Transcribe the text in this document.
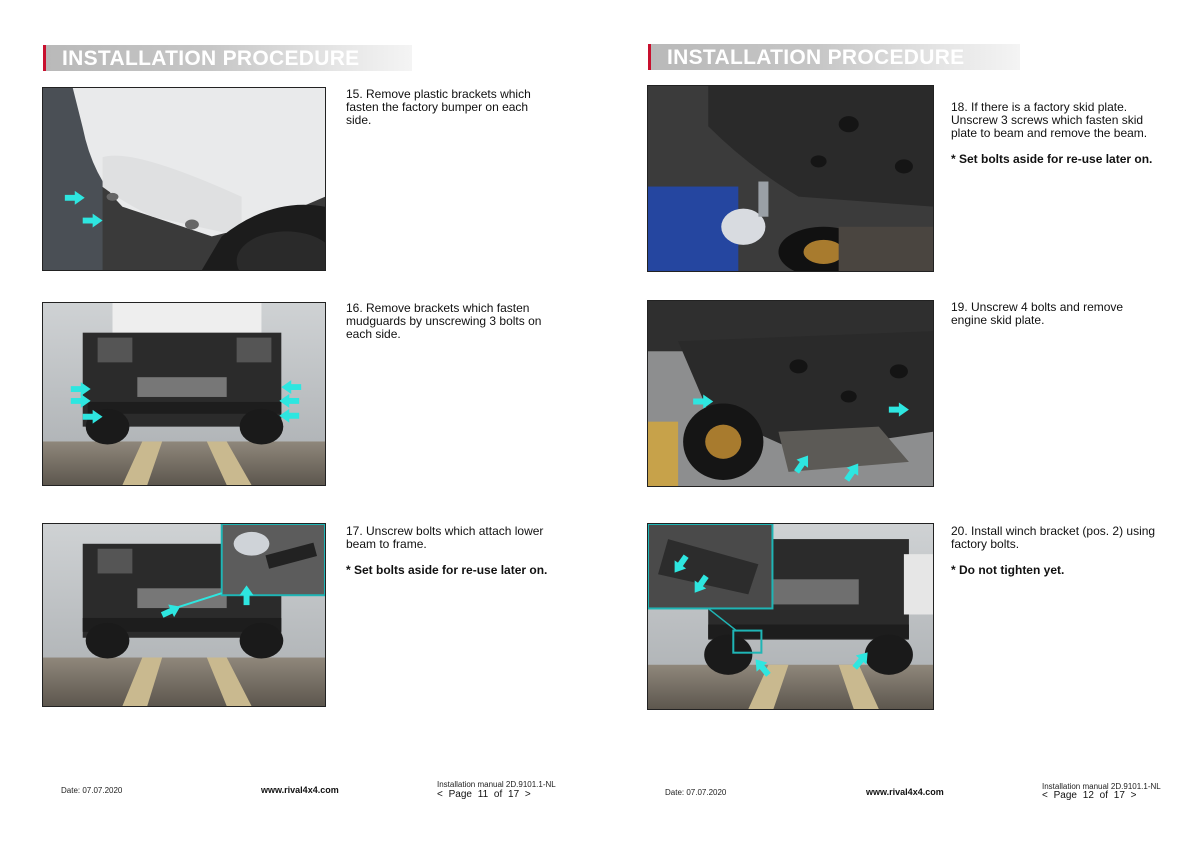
INSTALLATION PROCEDURE

15. Remove plastic brackets which fasten the factory bumper on each side.

16. Remove brackets which fasten mudguards by unscrewing 3 bolts on each side.

17. Unscrew bolts which attach lower beam to frame.

* Set bolts aside for re-use later on.

Date: 07.07.2020	www.rival4x4.com
Installation manual 2D.9101.1-NL
< Page 11 of 17 >
INSTALLATION PROCEDURE

18. If there is a factory skid plate. Unscrew 3 screws which fasten skid plate to beam and remove the beam.

* Set bolts aside for re-use later on.

19. Unscrew 4 bolts and remove engine skid plate.

20. Install winch bracket (pos. 2) using factory bolts.

* Do not tighten yet.

Date: 07.07.2020	www.rival4x4.com
Installation manual 2D.9101.1-NL
< Page 12 of 17 >
